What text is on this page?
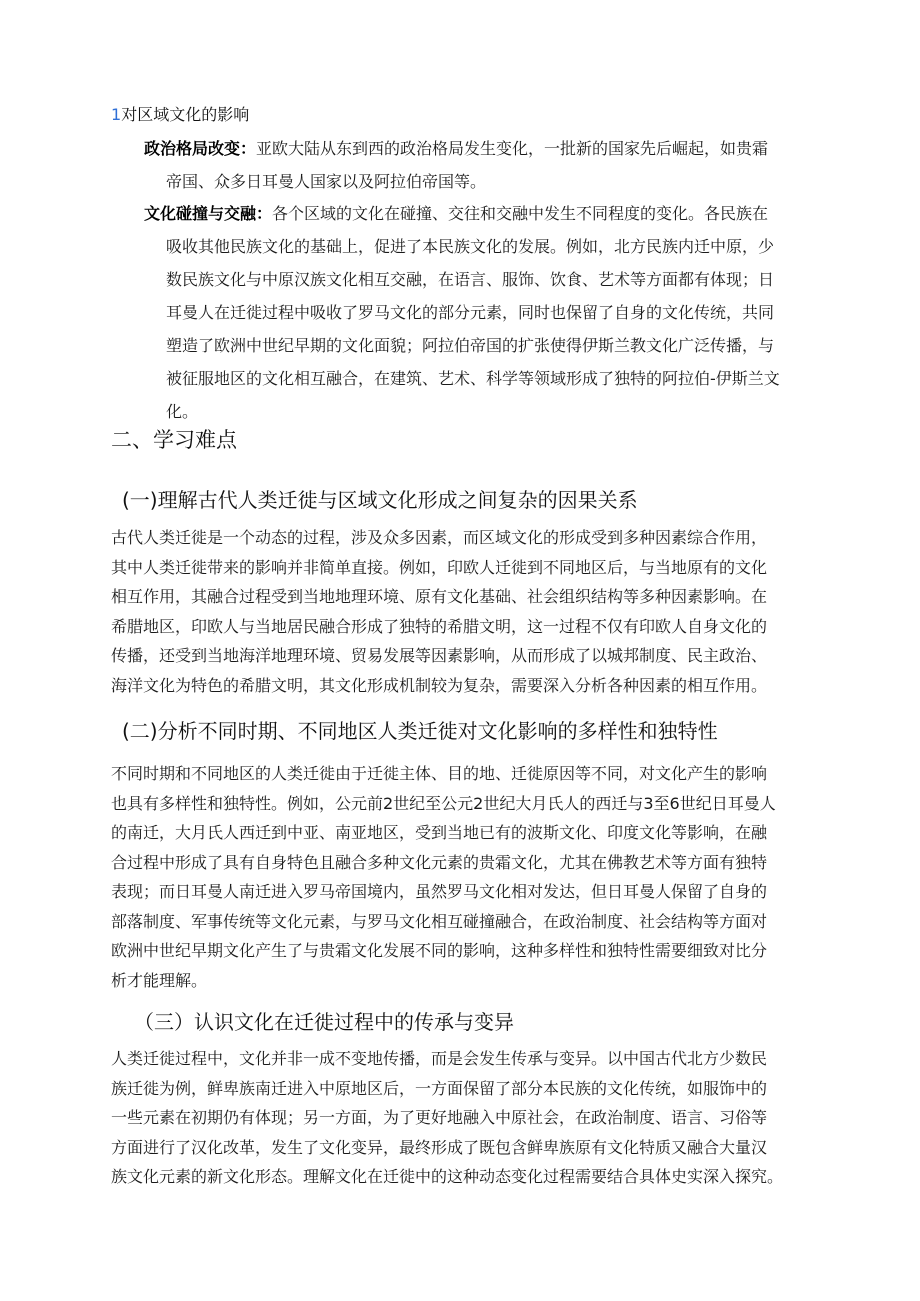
1对区域文化的影响
政治格局改变：亚欧大陆从东到西的政治格局发生变化，一批新的国家先后崛起，如贵霜
帝国、众多日耳曼人国家以及阿拉伯帝国等。
文化碰撞与交融：各个区域的文化在碰撞、交往和交融中发生不同程度的变化。各民族在
吸收其他民族文化的基础上，促进了本民族文化的发展。例如，北方民族内迁中原，少
数民族文化与中原汉族文化相互交融，在语言、服饰、饮食、艺术等方面都有体现；日
耳曼人在迁徙过程中吸收了罗马文化的部分元素，同时也保留了自身的文化传统，共同
塑造了欧洲中世纪早期的文化面貌；阿拉伯帝国的扩张使得伊斯兰教文化广泛传播，与
被征服地区的文化相互融合，在建筑、艺术、科学等领域形成了独特的阿拉伯-伊斯兰文
化。
二、学习难点
(一)理解古代人类迁徙与区域文化形成之间复杂的因果关系
古代人类迁徙是一个动态的过程，涉及众多因素，而区域文化的形成受到多种因素综合作用，
其中人类迁徙带来的影响并非简单直接。例如，印欧人迁徙到不同地区后，与当地原有的文化
相互作用，其融合过程受到当地地理环境、原有文化基础、社会组织结构等多种因素影响。在
希腊地区，印欧人与当地居民融合形成了独特的希腊文明，这一过程不仅有印欧人自身文化的
传播，还受到当地海洋地理环境、贸易发展等因素影响，从而形成了以城邦制度、民主政治、
海洋文化为特色的希腊文明，其文化形成机制较为复杂，需要深入分析各种因素的相互作用。
(二)分析不同时期、不同地区人类迁徙对文化影响的多样性和独特性
不同时期和不同地区的人类迁徙由于迁徙主体、目的地、迁徙原因等不同，对文化产生的影响
也具有多样性和独特性。例如，公元前2世纪至公元2世纪大月氏人的西迁与3至6世纪日耳曼人
的南迁，大月氏人西迁到中亚、南亚地区，受到当地已有的波斯文化、印度文化等影响，在融
合过程中形成了具有自身特色且融合多种文化元素的贵霜文化，尤其在佛教艺术等方面有独特
表现；而日耳曼人南迁进入罗马帝国境内，虽然罗马文化相对发达，但日耳曼人保留了自身的
部落制度、军事传统等文化元素，与罗马文化相互碰撞融合，在政治制度、社会结构等方面对
欧洲中世纪早期文化产生了与贵霜文化发展不同的影响，这种多样性和独特性需要细致对比分
析才能理解。
（三）认识文化在迁徙过程中的传承与变异
人类迁徙过程中，文化并非一成不变地传播，而是会发生传承与变异。以中国古代北方少数民
族迁徙为例，鲜卑族南迁进入中原地区后，一方面保留了部分本民族的文化传统，如服饰中的
一些元素在初期仍有体现；另一方面，为了更好地融入中原社会，在政治制度、语言、习俗等
方面进行了汉化改革，发生了文化变异，最终形成了既包含鲜卑族原有文化特质又融合大量汉
族文化元素的新文化形态。理解文化在迁徙中的这种动态变化过程需要结合具体史实深入探究。
